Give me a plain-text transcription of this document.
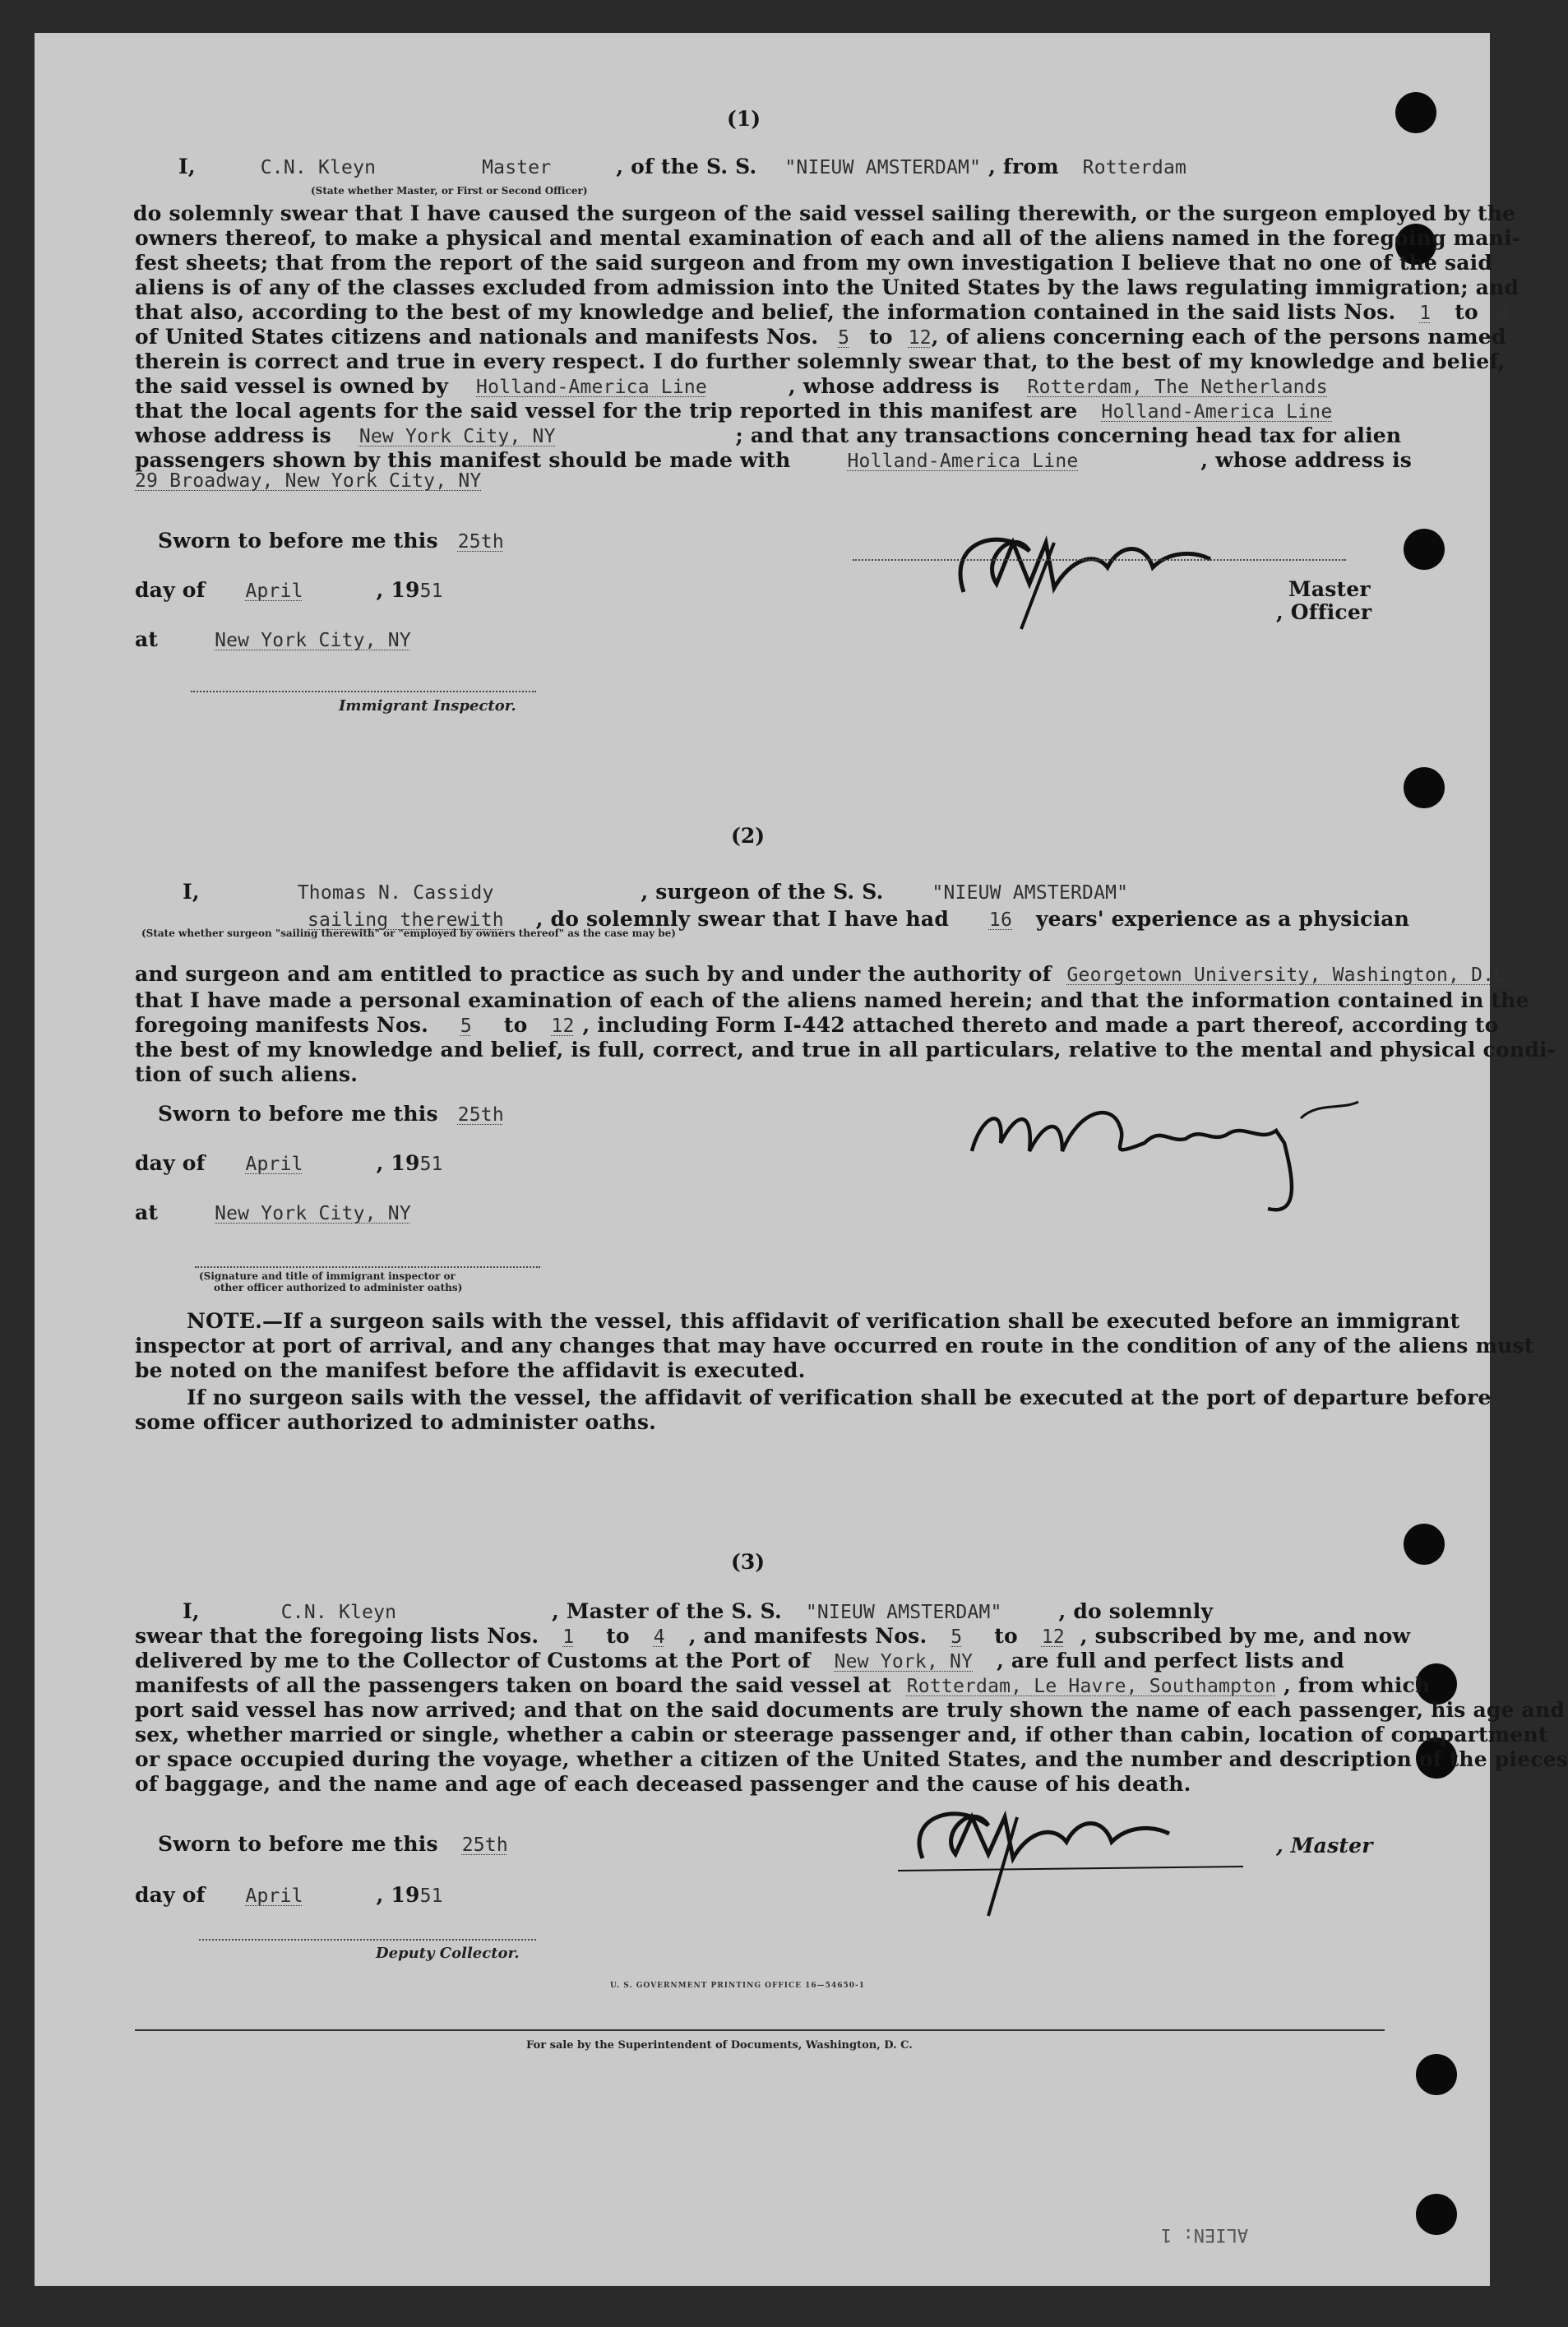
(1)
I,	C.N. Kleyn	Master	, of the S. S. "NIEUW AMSTERDAM" , from Rotterdam
(State whether Master, or First or Second Officer)
do solemnly swear that I have caused the surgeon of the said vessel sailing therewith, or the surgeon employed by the
owners thereof, to make a physical and mental examination of each and all of the aliens named in the foregoing mani-
fest sheets; that from the report of the said surgeon and from my own investigation I believe that no one of the said
aliens is of any of the classes excluded from admission into the United States by the laws regulating immigration; and
that also, according to the best of my knowledge and belief, the information contained in the said lists Nos. 1 to 4
of United States citizens and nationals and manifests Nos. 5 to 12, of aliens concerning each of the persons named
therein is correct and true in every respect. I do further solemnly swear that, to the best of my knowledge and belief,
the said vessel is owned by Holland-America Line	, whose address is Rotterdam, The Netherlands
that the local agents for the said vessel for the trip reported in this manifest are Holland-America Line
whose address is New York City, NY	; and that any transactions concerning head tax for alien
passengers shown by this manifest should be made with	Holland-America Line	, whose address is
29 Broadway, New York City, NY
Sworn to before me this 25th
day of April	, 1951
at	New York City, NY
Immigrant Inspector.
Master
, Officer
(2)
I,	Thomas N. Cassidy	, surgeon of the S. S.	"NIEUW AMSTERDAM"
sailing therewith , do solemnly swear that I have had 16 years' experience as a physician
(State whether surgeon "sailing therewith" or "employed by owners thereof" as the case may be)
and surgeon and am entitled to practice as such by and under the authority of Georgetown University, Washington, D.C.
that I have made a personal examination of each of the aliens named herein; and that the information contained in the
foregoing manifests Nos. 5 to 12 , including Form I-442 attached thereto and made a part thereof, according to
the best of my knowledge and belief, is full, correct, and true in all particulars, relative to the mental and physical condi-
tion of such aliens.
Sworn to before me this 25th
day of April	, 1951
at	New York City, NY
(Signature and title of immigrant inspector or
other officer authorized to administer oaths)
NOTE.—If a surgeon sails with the vessel, this affidavit of verification shall be executed before an immigrant
inspector at port of arrival, and any changes that may have occurred en route in the condition of any of the aliens must
be noted on the manifest before the affidavit is executed.
If no surgeon sails with the vessel, the affidavit of verification shall be executed at the port of departure before
some officer authorized to administer oaths.
(3)
I,	C.N. Kleyn	, Master of the S. S. "NIEUW AMSTERDAM"	, do solemnly
swear that the foregoing lists Nos. 1 to 4 , and manifests Nos. 5 to 12 , subscribed by me, and now
delivered by me to the Collector of Customs at the Port of New York, NY , are full and perfect lists and
manifests of all the passengers taken on board the said vessel at Rotterdam, Le Havre, Southampton , from which
port said vessel has now arrived; and that on the said documents are truly shown the name of each passenger, his age and
sex, whether married or single, whether a cabin or steerage passenger and, if other than cabin, location of compartment
or space occupied during the voyage, whether a citizen of the United States, and the number and description of the pieces
of baggage, and the name and age of each deceased passenger and the cause of his death.
Sworn to before me this 25th
day of April	, 1951
Deputy Collector.
, Master
U. S. GOVERNMENT PRINTING OFFICE 16—54650-1
For sale by the Superintendent of Documents, Washington, D. C.
ALIEN: 1
